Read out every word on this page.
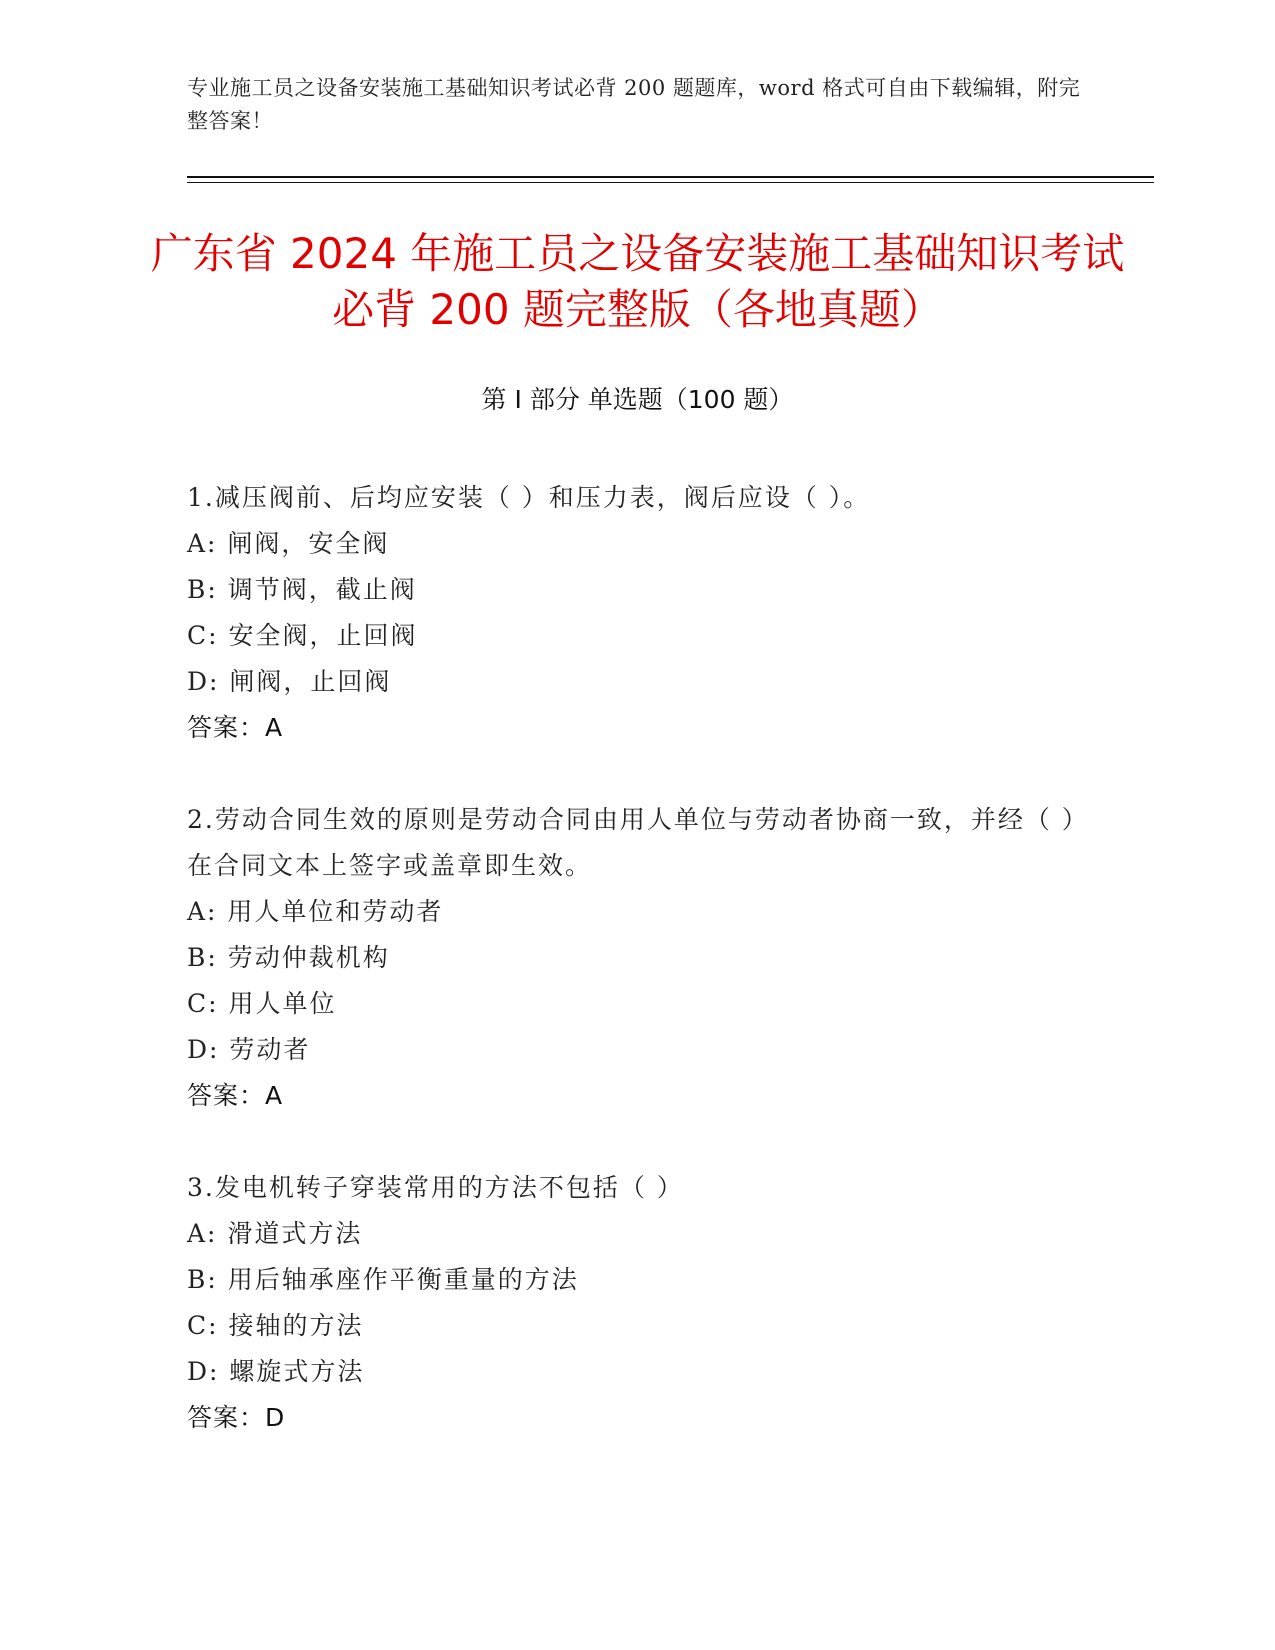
专业施工员之设备安装施工基础知识考试必背 200 题题库，word 格式可自由下载编辑，附完整答案！
广东省 2024 年施工员之设备安装施工基础知识考试必背 200 题完整版（各地真题）
第 I 部分 单选题（100 题）
1.减压阀前、后均应安装（ ）和压力表，阀后应设（ ）。
A: 闸阀，安全阀
B: 调节阀，截止阀
C: 安全阀，止回阀
D: 闸阀，止回阀
答案：A
2.劳动合同生效的原则是劳动合同由用人单位与劳动者协商一致，并经（ ）在合同文本上签字或盖章即生效。
A: 用人单位和劳动者
B: 劳动仲裁机构
C: 用人单位
D: 劳动者
答案：A
3.发电机转子穿装常用的方法不包括（ ）
A: 滑道式方法
B: 用后轴承座作平衡重量的方法
C: 接轴的方法
D: 螺旋式方法
答案：D
